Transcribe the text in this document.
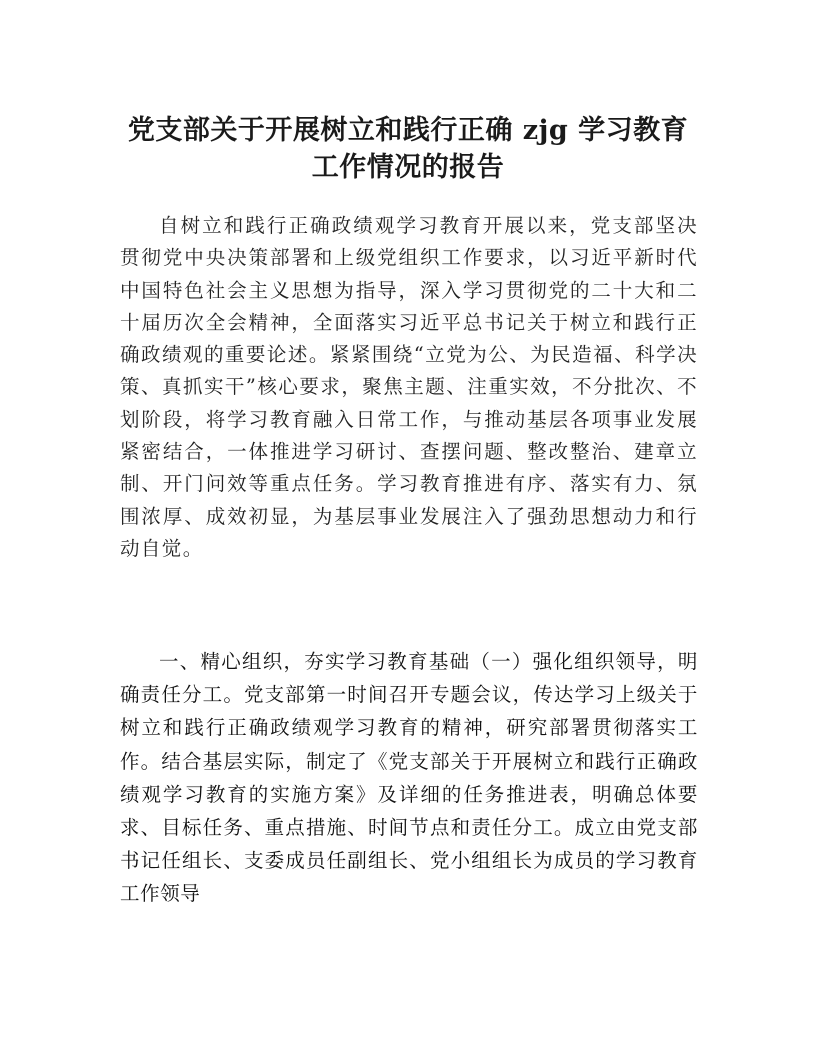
党支部关于开展树立和践行正确 zjg 学习教育工作情况的报告

自树立和践行正确政绩观学习教育开展以来，党支部坚决贯彻党中央决策部署和上级党组织工作要求，以习近平新时代中国特色社会主义思想为指导，深入学习贯彻党的二十大和二十届历次全会精神，全面落实习近平总书记关于树立和践行正确政绩观的重要论述。紧紧围绕“立党为公、为民造福、科学决策、真抓实干”核心要求，聚焦主题、注重实效，不分批次、不划阶段，将学习教育融入日常工作，与推动基层各项事业发展紧密结合，一体推进学习研讨、查摆问题、整改整治、建章立制、开门问效等重点任务。学习教育推进有序、落实有力、氛围浓厚、成效初显，为基层事业发展注入了强劲思想动力和行动自觉。

一、精心组织，夯实学习教育基础（一）强化组织领导，明确责任分工。党支部第一时间召开专题会议，传达学习上级关于树立和践行正确政绩观学习教育的精神，研究部署贯彻落实工作。结合基层实际，制定了《党支部关于开展树立和践行正确政绩观学习教育的实施方案》及详细的任务推进表，明确总体要求、目标任务、重点措施、时间节点和责任分工。成立由党支部书记任组长、支委成员任副组长、党小组组长为成员的学习教育工作领导
